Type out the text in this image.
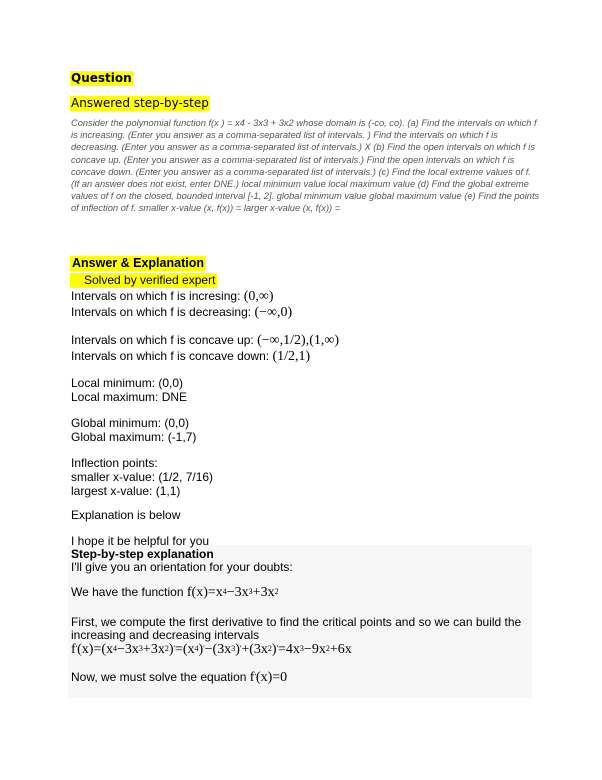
Question
Answered step-by-step
Consider the polynomial function f(x ) = x4 - 3x3 + 3x2 whose domain is (-co, co). (a) Find the intervals on which f is increasing. (Enter you answer as a comma-separated list of intervals. ) Find the intervals on which f is decreasing. (Enter you answer as a comma-separated list of intervals.) X (b) Find the open intervals on which f is concave up. (Enter you answer as a comma-separated list of intervals.) Find the open intervals on which f is concave down. (Enter you answer as a comma-separated list of intervals.) (c) Find the local extreme values of f. (If an answer does not exist, enter DNE.) local minimum value local maximum value (d) Find the global extreme values of f on the closed, bounded interval [-1, 2]. global minimum value global maximum value (e) Find the points of inflection of f. smaller x-value (x, f(x)) = larger x-value (x, f(x)) =
Answer & Explanation
Solved by verified expert
Intervals on which f is incresing: (0,∞)
Intervals on which f is decreasing: (−∞,0)
Intervals on which f is concave up: (−∞,1/2),(1,∞)
Intervals on which f is concave down: (1/2,1)
Local minimum: (0,0)
Local maximum: DNE
Global minimum: (0,0)
Global maximum: (-1,7)
Inflection points:
smaller x-value: (1/2, 7/16)
largest x-value: (1,1)
Explanation is below
I hope it be helpful for you
Step-by-step explanation
I'll give you an orientation for your doubts:
We have the function f(x)=x4−3x3+3x2
First, we compute the first derivative to find the critical points and so we can build the
increasing and decreasing intervals
f'(x)=(x4−3x3+3x2)'=(x4)'−(3x3)'+(3x2)'=4x3−9x2+6x
Now, we must solve the equation f'(x)=0
